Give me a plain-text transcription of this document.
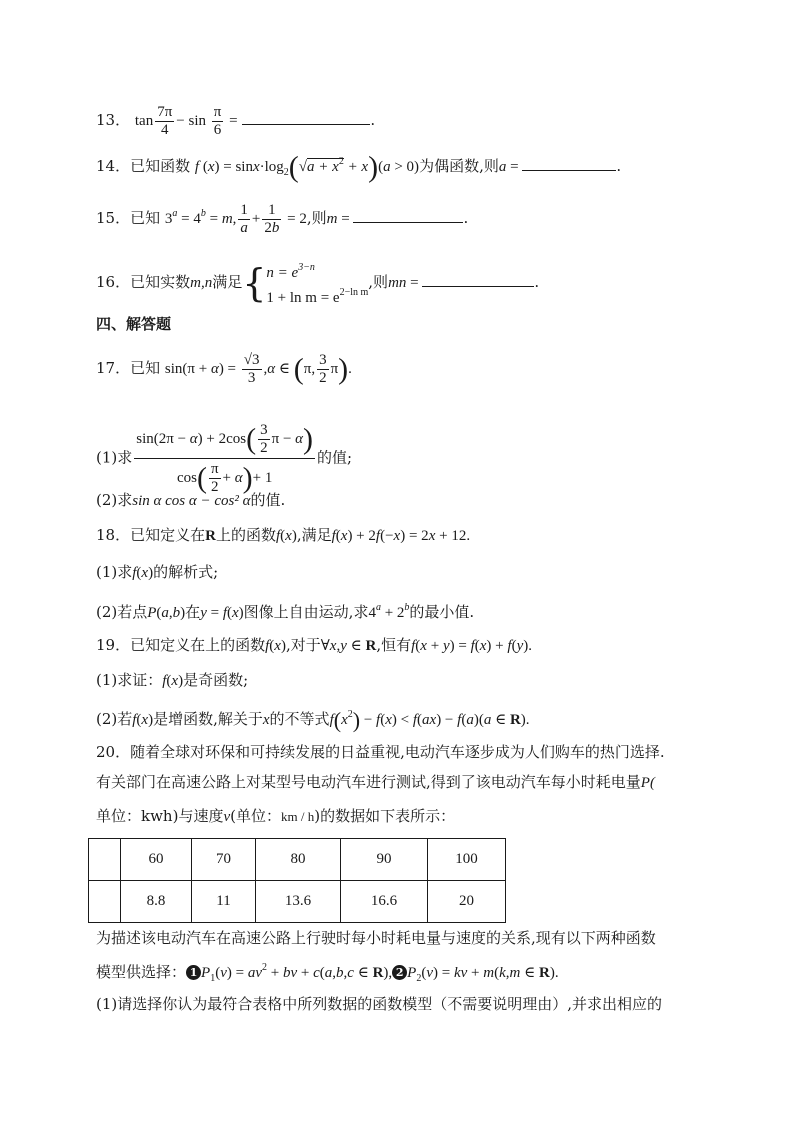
13． $\tan \frac{7\pi}{4} - \sin \frac{\pi}{6}$ =	.
14．已知函数 f $(x) = \sin x\cdot\log_2(√a + x^2 + x)(a > 0)$为偶函数,则a =	.
15．已知 $3^a = 4^b = m$, $\frac{1}{a} + \frac{1}{2b} = 2$,则m =	.
16．已知实数m,n满足{ $n = e^{3-n}$
$1 + \ln m = e^{2-ln m}$
,则mn =	.
四、解答题
17．已知 $\sin(\pi + \alpha) = \frac{√3}{3} ,\alpha$ ∈ (π, $\frac{3}{2} \pi$).
(1)求 $\frac{\sin(2\pi - \alpha) + 2\cos( \frac{3}{2} \pi - \alpha)}{\cos( \frac{\pi}{2} + \alpha)+ 1}$ 的值;
(2)求sin α cos α − cos² α的值.
18．已知定义在R上的函数f(x),满足f(x) + 2f(−x) = 2x + 12.
(1)求f(x)的解析式;
(2)若点P(a,b)在y = f(x)图像上自由运动,求$4^a + 2^b$的最小值.
19．已知定义在上的函数f(x),对于∀x,y ∈ R,恒有f(x + y) = f(x) + f(y).
(1)求证：f(x)是奇函数;
(2)若f(x)是增函数,解关于x的不等式$f(x^2) - f(x) < f(ax) - f(a)(a$ ∈ R).
20．随着全球对环保和可持续发展的日益重视,电动汽车逐步成为人们购车的热门选择.
有关部门在高速公路上对某型号电动汽车进行测试,得到了该电动汽车每小时耗电量P(
单位：kwh)与速度v(单位：km / h)的数据如下表所示：
	60	70	80	90	100
	8.8	11	13.6	16.6	20
为描述该电动汽车在高速公路上行驶时每小时耗电量与速度的关系,现有以下两种函数
模型供选择： 1 $P_1(v) = av^2$ + bv + c(a,b,c ∈ R), 2 $P_2(v)$ = kv + m(k,m ∈ R).
(1)请选择你认为最符合表格中所列数据的函数模型（不需要说明理由）,并求出相应的
